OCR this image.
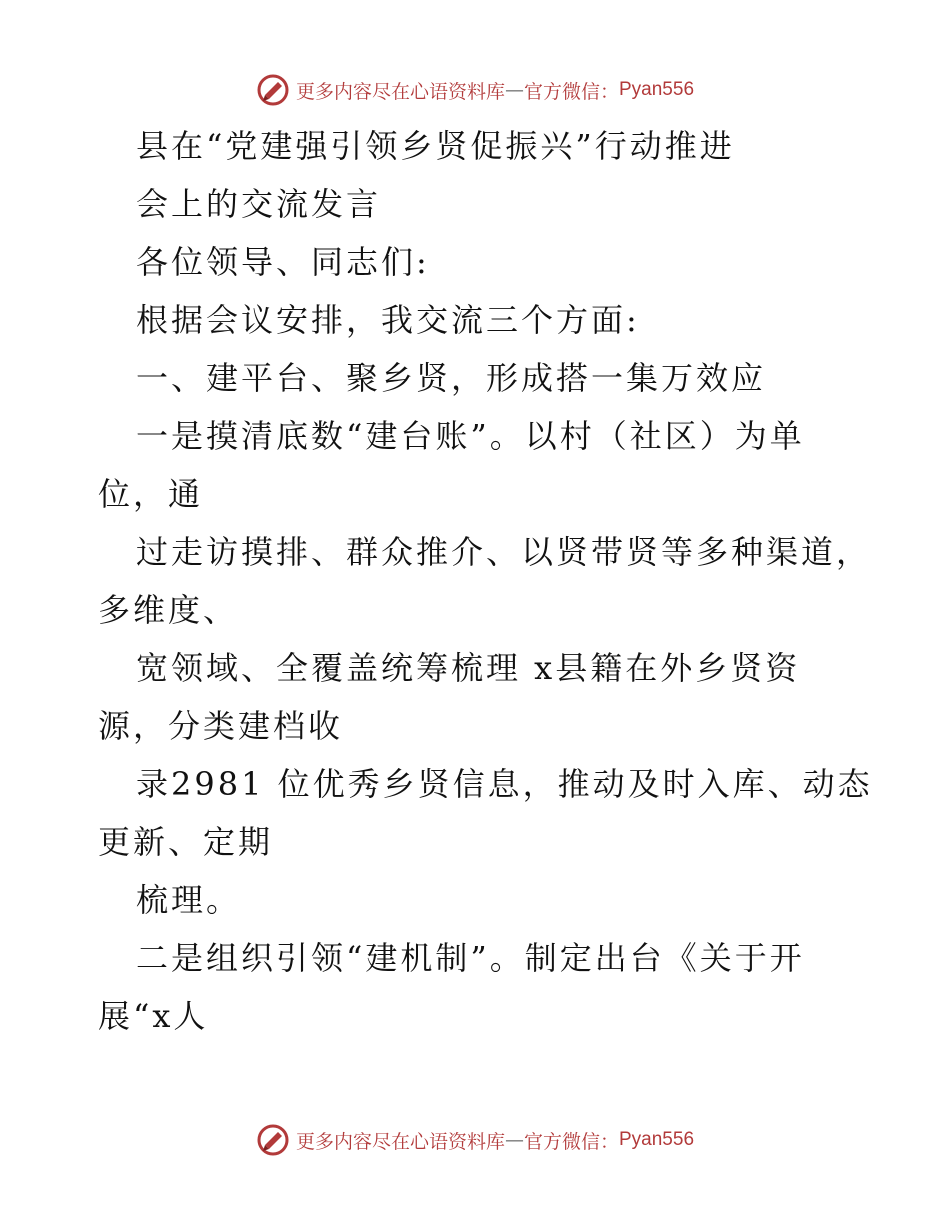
更多内容尽在心语资料库 — 官方微信： Pyan556
县在“党建强引领乡贤促振兴”行动推进
会上的交流发言
各位领导、同志们:
根据会议安排，我交流三个方面:
一、建平台、聚乡贤，形成搭一集万效应
一是摸清底数“建台账”。以村（社区）为单
位，通
过走访摸排、群众推介、以贤带贤等多种渠道，
多维度、
宽领域、全覆盖统筹梳理 x县籍在外乡贤资
源，分类建档收
录2981 位优秀乡贤信息，推动及时入库、动态
更新、定期
梳理。
二是组织引领“建机制”。制定出台《关于开
展“x人
更多内容尽在心语资料库 — 官方微信： Pyan556
